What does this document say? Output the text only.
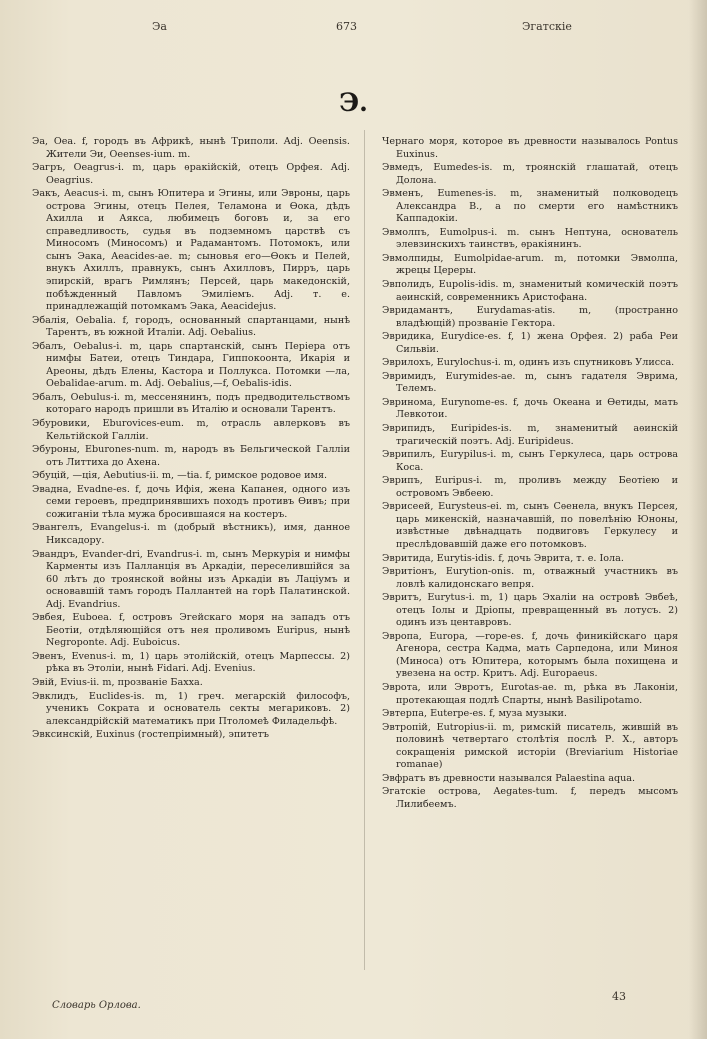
Эа	673	Эгатскіе
Э.

Эа, Оеа. f, городъ въ Африкѣ, нынѣ Триполи. Adj. Оеensis. Жители Эи, Оеenses-ium. m.

Эагръ, Oeagrus-i. m, царь ѳракійскій, отецъ Орфея. Adj. Oeagrius.

Эакъ, Aeacus-i. m, сынъ Юпитера и Эгины, или Эвроны, царь острова Эгины, отецъ Пелея, Теламона и Ѳока, дѣдъ Ахилла и Аякса, любимецъ боговъ и, за его справедливость, судья въ подземномъ царствѣ съ Миносомъ (Миносомъ) и Радамантомъ. Потомокъ, или сынъ Эака, Aeacides-ae. m; сыновья его—Ѳокъ и Пелей, внукъ Ахиллъ, правнукъ, сынъ Ахилловъ, Пирръ, царь эпирскій, врагъ Римлянъ; Персей, царь македонскій, побѣжденный Павломъ Эмиліемъ. Adj. т. е. принадлежащій потомкамъ Эака, Aeacidejus.

Эбалія, Oebalia. f, городъ, основанный спартанцами, нынѣ Тарентъ, въ южной Италіи. Adj. Oebalius.

Эбалъ, Oebalus-i. m, царь спартанскій, сынъ Періера отъ нимфы Батеи, отецъ Тиндара, Гиппокоонта, Икарія и Ареоны, дѣдъ Елены, Кастора и Поллукса. Потомки —ла, Oebalidae-arum. m. Adj. Oebalius,—f, Oebalis-idis.

Эбалъ, Oebulus-i. m, мессенянинъ, подъ предводительствомъ котораго народъ пришли въ Италію и основали Тарентъ.

Эбуровики, Eburovices-eum. m, отрасль авлерковъ въ Кельтійской Галліи.

Эбуроны, Eburones-num. m, народъ въ Бельгической Галліи отъ Литтиха до Ахена.

Эбуцій, —ція, Aebutius-ii. m, —tia. f, римское родовое имя.

Эвадна, Evadne-es. f, дочь Ифія, жена Капанея, одного изъ семи героевъ, предпринявшихъ походъ противъ Ѳивъ; при сожиганіи тѣла мужа бросившаяся на костеръ.

Эвангелъ, Evangelus-i. m (добрый вѣстникъ), имя, данное Никсадору.

Эвандръ, Evander-dri, Evandrus-i. m, сынъ Меркурія и нимфы Карменты изъ Палланція въ Аркадіи, переселившійся за 60 лѣтъ до троянской войны изъ Аркадіи въ Лаціумъ и основавшій тамъ городъ Паллантей на горѣ Палатинской. Adj. Evandrius.

Эвбея, Euboea. f, островъ Эгейскаго моря на западъ отъ Беотіи, отдѣляющійся отъ нея проливомъ Euripus, нынѣ Negroponte. Adj. Euboicus.

Эвенъ, Evenus-i. m, 1) царь этолійскій, отецъ Марпессы. 2) рѣка въ Этоліи, нынѣ Fidari. Adj. Evenius.

Эвій, Evius-ii. m, прозваніе Бахха.

Эвклидъ, Euclides-is. m, 1) греч. мегарскій философъ, ученикъ Сократа и основатель секты мегариковъ. 2) александрійскій математикъ при Птоломеѣ Филадельфѣ.

Эвксинскій, Euxinus (гостепріимный), эпитетъ

Чернаго моря, которое въ древности называлось Pontus Euxinus.

Эвмедъ, Eumedes-is. m, троянскій глашатай, отецъ Долона.

Эвменъ, Eumenes-is. m, знаменитый полководецъ Александра В., а по смерти его намѣстникъ Каппадокіи.

Эвмолпъ, Eumolpus-i. m. сынъ Нептуна, основатель элевзинскихъ таинствъ, ѳракіянинъ.

Эвмолпиды, Eumolpidae-arum. m, потомки Эвмолпа, жрецы Цереры.

Эвполидъ, Eupolis-idis. m, знаменитый комическій поэтъ аѳинскій, современникъ Аристофана.

Эвридамантъ, Eurydamas-atis. m, (пространно владѣющій) прозваніе Гектора.

Эвридика, Eurydice-es. f, 1) жена Орфея. 2) раба Реи Сильвіи.

Эврилохъ, Eurylochus-i. m, одинъ изъ спутниковъ Улисса.

Эвримидъ, Eurymides-ae. m, сынъ гадателя Эврима, Телемъ.

Эвринома, Eurynome-es. f, дочь Океана и Ѳетиды, мать Левкотои.

Эврипидъ, Euripides-is. m, знаменитый аѳинскій трагическій поэтъ. Adj. Euripideus.

Эврипилъ, Eurypilus-i. m, сынъ Геркулеса, царь острова Коса.

Эврипъ, Euripus-i. m, проливъ между Беотіею и островомъ Эвбеею.

Эврисеей, Eurysteus-ei. m, сынъ Сѳенела, внукъ Персея, царь микенскій, назначавшій, по повелѣнію Юноны, извѣстные двѣнадцать подвиговъ Геркулесу и преслѣдовавшій даже его потомковъ.

Эвритида, Eurytis-idis. f, дочь Эврита, т. е. Іола.

Эвритіонъ, Eurytion-onis. m, отважный участникъ въ ловлѣ калидонскаго вепря.

Эвритъ, Eurytus-i. m, 1) царь Эхаліи на островѣ Эвбеѣ, отецъ Іолы и Дріопы, превращенный въ лотусъ. 2) одинъ изъ центавровъ.

Эвропа, Europa, —rope-es. f, дочь финикійскаго царя Агенора, сестра Кадма, мать Сарпедона, или Миноя (Миноса) отъ Юпитера, которымъ была похищена и увезена на остр. Критъ. Adj. Europaeus.

Эврота, или Эвротъ, Eurotas-ae. m, рѣка въ Лаконіи, протекающая подлѣ Спарты, нынѣ Basilipotamo.

Эвтерпа, Euterpe-es. f, муза музыки.

Эвтропій, Eutropius-ii. m, римскій писатель, жившій въ половинѣ четвертаго столѣтія послѣ Р. Х., авторъ сокращенія римской исторіи (Breviarium Historiae romanae)

Эвфратъ въ древности назывался Palaestina aqua.

Эгатскіе острова, Aegates-tum. f, передъ мысомъ Лилибеемъ.

Словарь Орлова.
43
